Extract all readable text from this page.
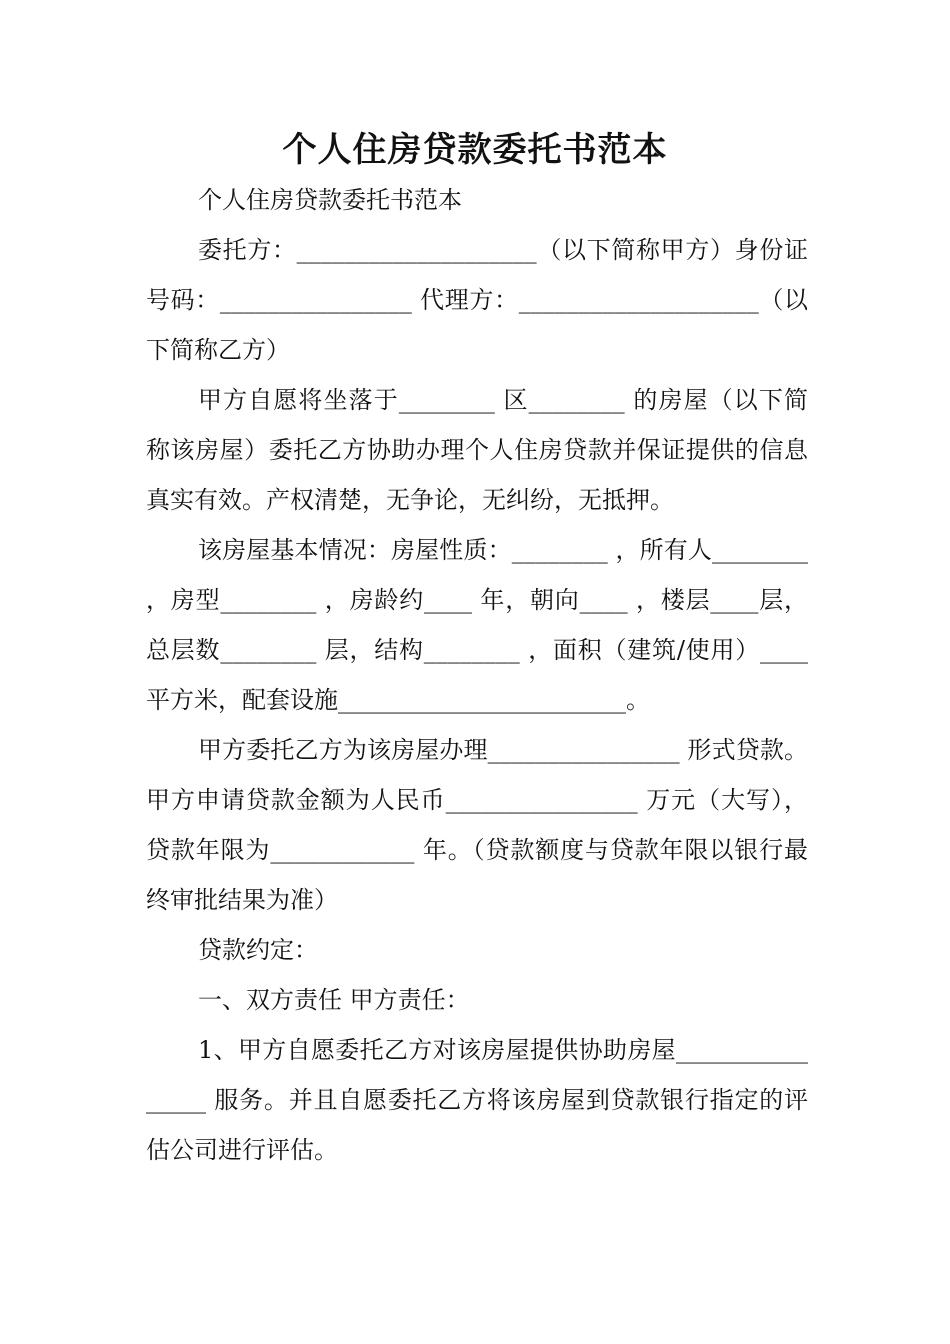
个人住房贷款委托书范本

个人住房贷款委托书范本

委托方：____________________（以下简称甲方）身份证号码：________________ 代理方：____________________（以下简称乙方）

甲方自愿将坐落于________ 区________ 的房屋（以下简称该房屋）委托乙方协助办理个人住房贷款并保证提供的信息真实有效。产权清楚，无争论，无纠纷，无抵押。

该房屋基本情况：房屋性质：________ ，所有人________ ，房型________ ，房龄约____ 年，朝向____ ，楼层____层，总层数________ 层，结构________ ，面积（建筑/使用）____ 平方米，配套设施________________________。

甲方委托乙方为该房屋办理________________ 形式贷款。 甲方申请贷款金额为人民币________________ 万元（大写），贷款年限为____________ 年。（贷款额度与贷款年限以银行最终审批结果为准）

贷款约定：

一、双方责任 甲方责任：

1、甲方自愿委托乙方对该房屋提供协助房屋________________ 服务。并且自愿委托乙方将该房屋到贷款银行指定的评估公司进行评估。
